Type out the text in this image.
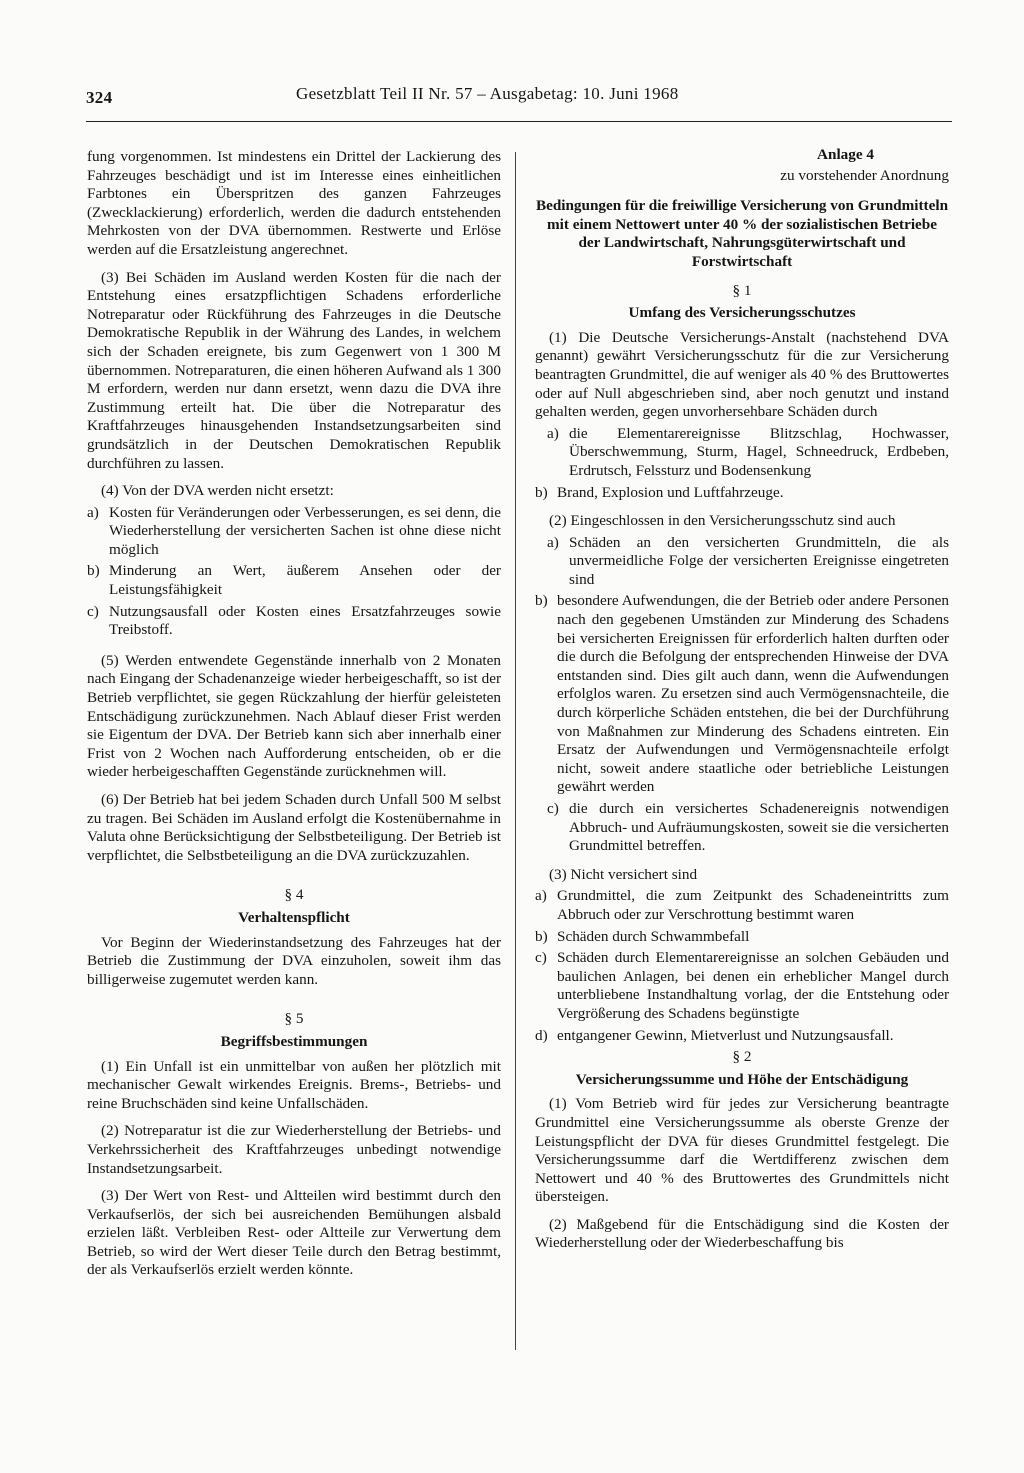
324	Gesetzblatt Teil II Nr. 57 – Ausgabetag: 10. Juni 1968

fung vorgenommen. Ist mindestens ein Drittel der Lackierung des Fahrzeuges beschädigt und ist im Interesse eines einheitlichen Farbtones ein Überspritzen des ganzen Fahrzeuges (Zwecklackierung) erforderlich, werden die dadurch entstehenden Mehrkosten von der DVA übernommen. Restwerte und Erlöse werden auf die Ersatzleistung angerechnet.

(3) Bei Schäden im Ausland werden Kosten für die nach der Entstehung eines ersatzpflichtigen Schadens erforderliche Notreparatur oder Rückführung des Fahrzeuges in die Deutsche Demokratische Republik in der Währung des Landes, in welchem sich der Schaden ereignete, bis zum Gegenwert von 1 300 M übernommen. Notreparaturen, die einen höheren Aufwand als 1 300 M erfordern, werden nur dann ersetzt, wenn dazu die DVA ihre Zustimmung erteilt hat. Die über die Notreparatur des Kraftfahrzeuges hinausgehenden Instandsetzungsarbeiten sind grundsätzlich in der Deutschen Demokratischen Republik durchführen zu lassen.

(4) Von der DVA werden nicht ersetzt:

a) Kosten für Veränderungen oder Verbesserungen, es sei denn, die Wiederherstellung der versicherten Sachen ist ohne diese nicht möglich
b) Minderung an Wert, äußerem Ansehen oder der Leistungsfähigkeit
c) Nutzungsausfall oder Kosten eines Ersatzfahrzeuges sowie Treibstoff.

(5) Werden entwendete Gegenstände innerhalb von 2 Monaten nach Eingang der Schadenanzeige wieder herbeigeschafft, so ist der Betrieb verpflichtet, sie gegen Rückzahlung der hierfür geleisteten Entschädigung zurückzunehmen. Nach Ablauf dieser Frist werden sie Eigentum der DVA. Der Betrieb kann sich aber innerhalb einer Frist von 2 Wochen nach Aufforderung entscheiden, ob er die wieder herbeigeschafften Gegenstände zurücknehmen will.

(6) Der Betrieb hat bei jedem Schaden durch Unfall 500 M selbst zu tragen. Bei Schäden im Ausland erfolgt die Kostenübernahme in Valuta ohne Berücksichtigung der Selbstbeteiligung. Der Betrieb ist verpflichtet, die Selbstbeteiligung an die DVA zurückzuzahlen.

§ 4
Verhaltenspflicht

Vor Beginn der Wiederinstandsetzung des Fahrzeuges hat der Betrieb die Zustimmung der DVA einzuholen, soweit ihm das billigerweise zugemutet werden kann.

§ 5
Begriffsbestimmungen

(1) Ein Unfall ist ein unmittelbar von außen her plötzlich mit mechanischer Gewalt wirkendes Ereignis. Brems-, Betriebs- und reine Bruchschäden sind keine Unfallschäden.

(2) Notreparatur ist die zur Wiederherstellung der Betriebs- und Verkehrssicherheit des Kraftfahrzeuges unbedingt notwendige Instandsetzungsarbeit.

(3) Der Wert von Rest- und Altteilen wird bestimmt durch den Verkaufserlös, der sich bei ausreichenden Bemühungen alsbald erzielen läßt. Verbleiben Rest- oder Altteile zur Verwertung dem Betrieb, so wird der Wert dieser Teile durch den Betrag bestimmt, der als Verkaufserlös erzielt werden könnte.

Anlage 4
zu vorstehender Anordnung
Bedingungen für die freiwillige Versicherung von Grundmitteln mit einem Nettowert unter 40 % der sozialistischen Betriebe der Landwirtschaft, Nahrungsgüterwirtschaft und Forstwirtschaft
§ 1
Umfang des Versicherungsschutzes

(1) Die Deutsche Versicherungs-Anstalt (nachstehend DVA genannt) gewährt Versicherungsschutz für die zur Versicherung beantragten Grundmittel, die auf weniger als 40 % des Bruttowertes oder auf Null abgeschrieben sind, aber noch genutzt und instand gehalten werden, gegen unvorhersehbare Schäden durch

a) die Elementarereignisse Blitzschlag, Hochwasser, Überschwemmung, Sturm, Hagel, Schneedruck, Erdbeben, Erdrutsch, Felssturz und Bodensenkung
b) Brand, Explosion und Luftfahrzeuge.

(2) Eingeschlossen in den Versicherungsschutz sind auch

a) Schäden an den versicherten Grundmitteln, die als unvermeidliche Folge der versicherten Ereignisse eingetreten sind
b) besondere Aufwendungen, die der Betrieb oder andere Personen nach den gegebenen Umständen zur Minderung des Schadens bei versicherten Ereignissen für erforderlich halten durften oder die durch die Befolgung der entsprechenden Hinweise der DVA entstanden sind. Dies gilt auch dann, wenn die Aufwendungen erfolglos waren. Zu ersetzen sind auch Vermögensnachteile, die durch körperliche Schäden entstehen, die bei der Durchführung von Maßnahmen zur Minderung des Schadens eintreten. Ein Ersatz der Aufwendungen und Vermögensnachteile erfolgt nicht, soweit andere staatliche oder betriebliche Leistungen gewährt werden
c) die durch ein versichertes Schadenereignis notwendigen Abbruch- und Aufräumungskosten, soweit sie die versicherten Grundmittel betreffen.

(3) Nicht versichert sind

a) Grundmittel, die zum Zeitpunkt des Schadeneintritts zum Abbruch oder zur Verschrottung bestimmt waren
b) Schäden durch Schwammbefall
c) Schäden durch Elementarereignisse an solchen Gebäuden und baulichen Anlagen, bei denen ein erheblicher Mangel durch unterbliebene Instandhaltung vorlag, der die Entstehung oder Vergrößerung des Schadens begünstigte
d) entgangener Gewinn, Mietverlust und Nutzungsausfall.
§ 2
Versicherungssumme und Höhe der Entschädigung

(1) Vom Betrieb wird für jedes zur Versicherung beantragte Grundmittel eine Versicherungssumme als oberste Grenze der Leistungspflicht der DVA für dieses Grundmittel festgelegt. Die Versicherungssumme darf die Wertdifferenz zwischen dem Nettowert und 40 % des Bruttowertes des Grundmittels nicht übersteigen.

(2) Maßgebend für die Entschädigung sind die Kosten der Wiederherstellung oder der Wiederbeschaffung bis
